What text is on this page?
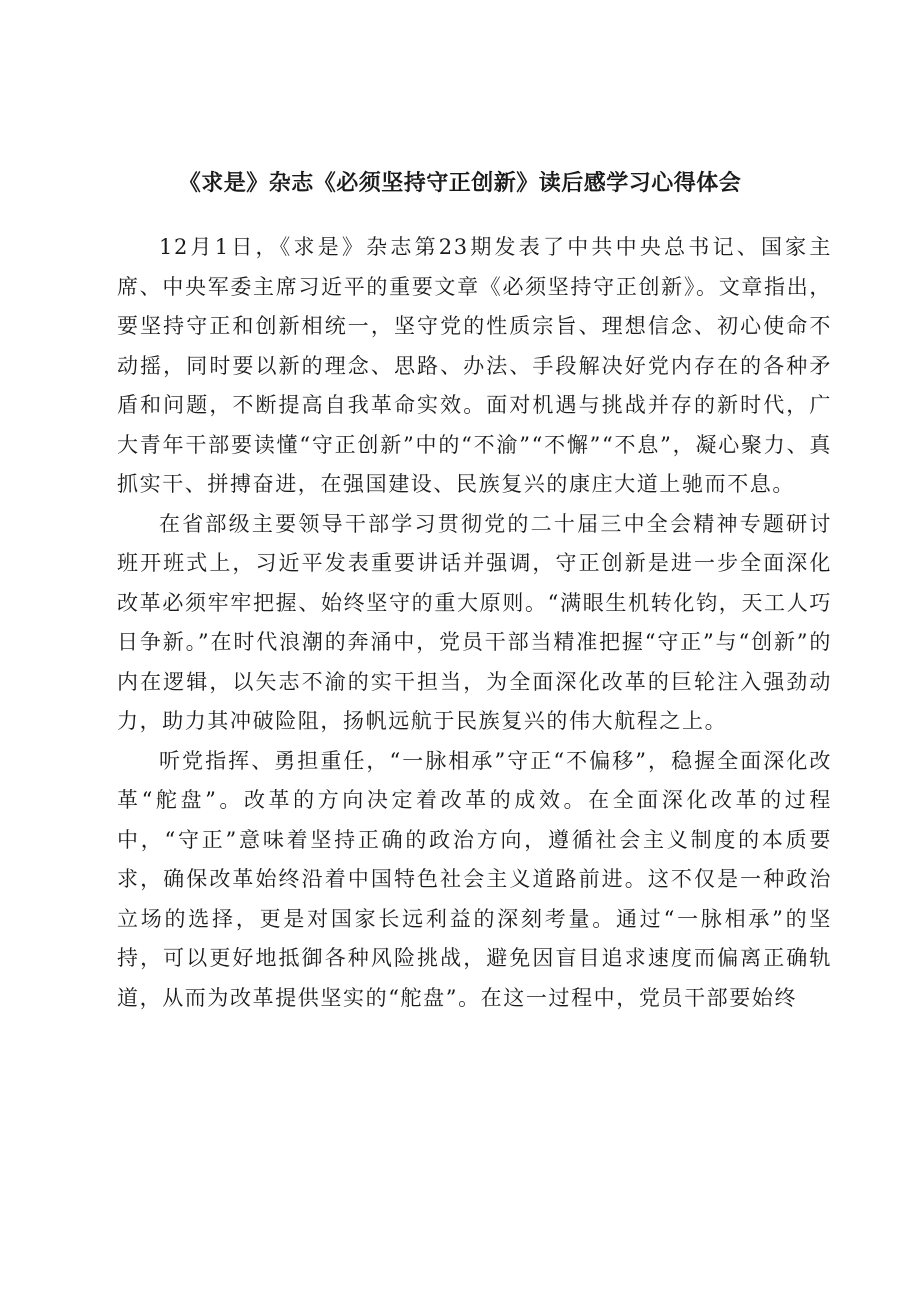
《求是》杂志《必须坚持守正创新》读后感学习心得体会

12月1日，《求是》杂志第23期发表了中共中央总书记、国家主席、中央军委主席习近平的重要文章《必须坚持守正创新》。文章指出，要坚持守正和创新相统一，坚守党的性质宗旨、理想信念、初心使命不动摇，同时要以新的理念、思路、办法、手段解决好党内存在的各种矛盾和问题，不断提高自我革命实效。面对机遇与挑战并存的新时代，广大青年干部要读懂“守正创新”中的“不渝”“不懈”“不息”，凝心聚力、真抓实干、拼搏奋进，在强国建设、民族复兴的康庄大道上驰而不息。

在省部级主要领导干部学习贯彻党的二十届三中全会精神专题研讨班开班式上，习近平发表重要讲话并强调，守正创新是进一步全面深化改革必须牢牢把握、始终坚守的重大原则。“满眼生机转化钧，天工人巧日争新。”在时代浪潮的奔涌中，党员干部当精准把握“守正”与“创新”的内在逻辑，以矢志不渝的实干担当，为全面深化改革的巨轮注入强劲动力，助力其冲破险阻，扬帆远航于民族复兴的伟大航程之上。

听党指挥、勇担重任，“一脉相承”守正“不偏移”，稳握全面深化改革“舵盘”。改革的方向决定着改革的成效。在全面深化改革的过程中，“守正”意味着坚持正确的政治方向，遵循社会主义制度的本质要求，确保改革始终沿着中国特色社会主义道路前进。这不仅是一种政治立场的选择，更是对国家长远利益的深刻考量。通过“一脉相承”的坚持，可以更好地抵御各种风险挑战，避免因盲目追求速度而偏离正确轨道，从而为改革提供坚实的“舵盘”。在这一过程中，党员干部要始终
